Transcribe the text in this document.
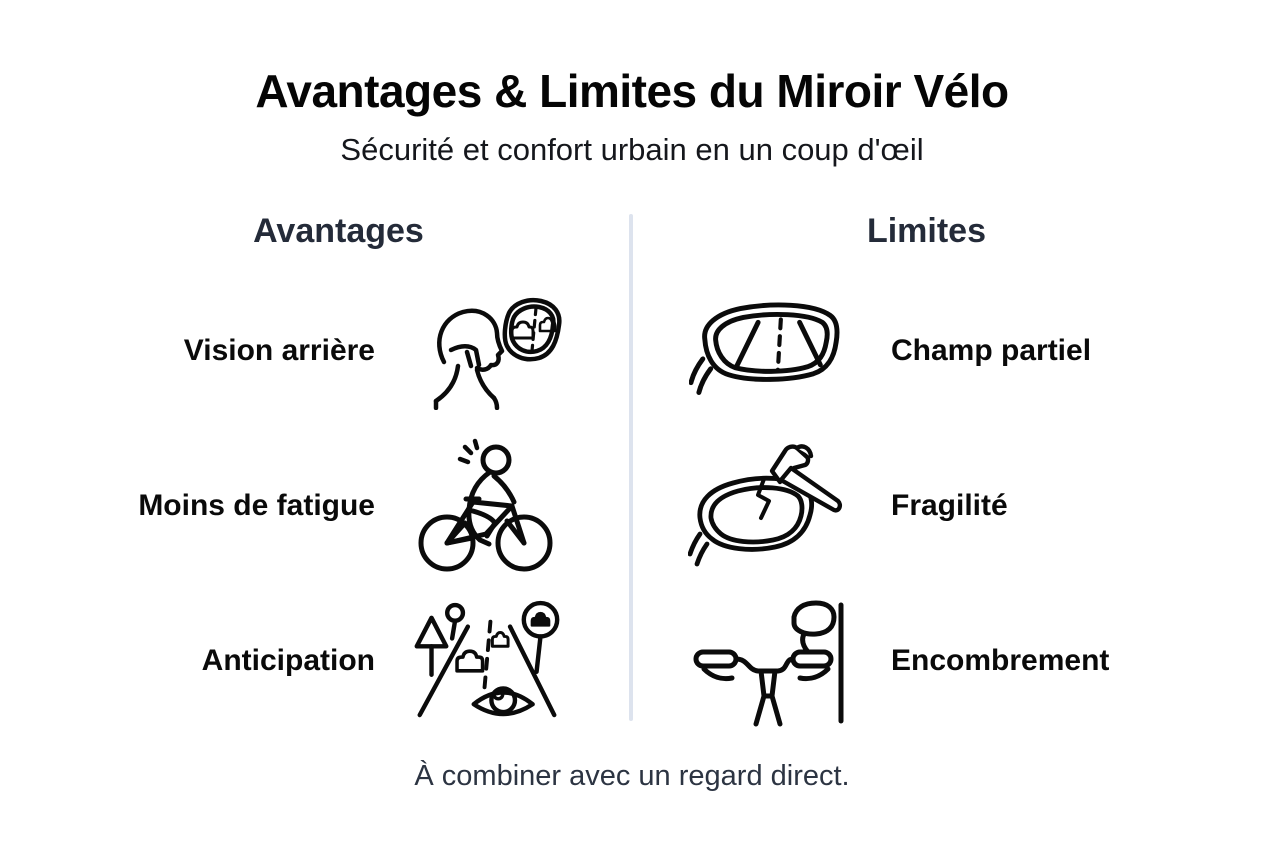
Avantages & Limites du Miroir Vélo
Sécurité et confort urbain en un coup d'œil
Avantages
Vision arrière
Moins de fatigue
Anticipation
Limites
Champ partiel
Fragilité
Encombrement
À combiner avec un regard direct.
